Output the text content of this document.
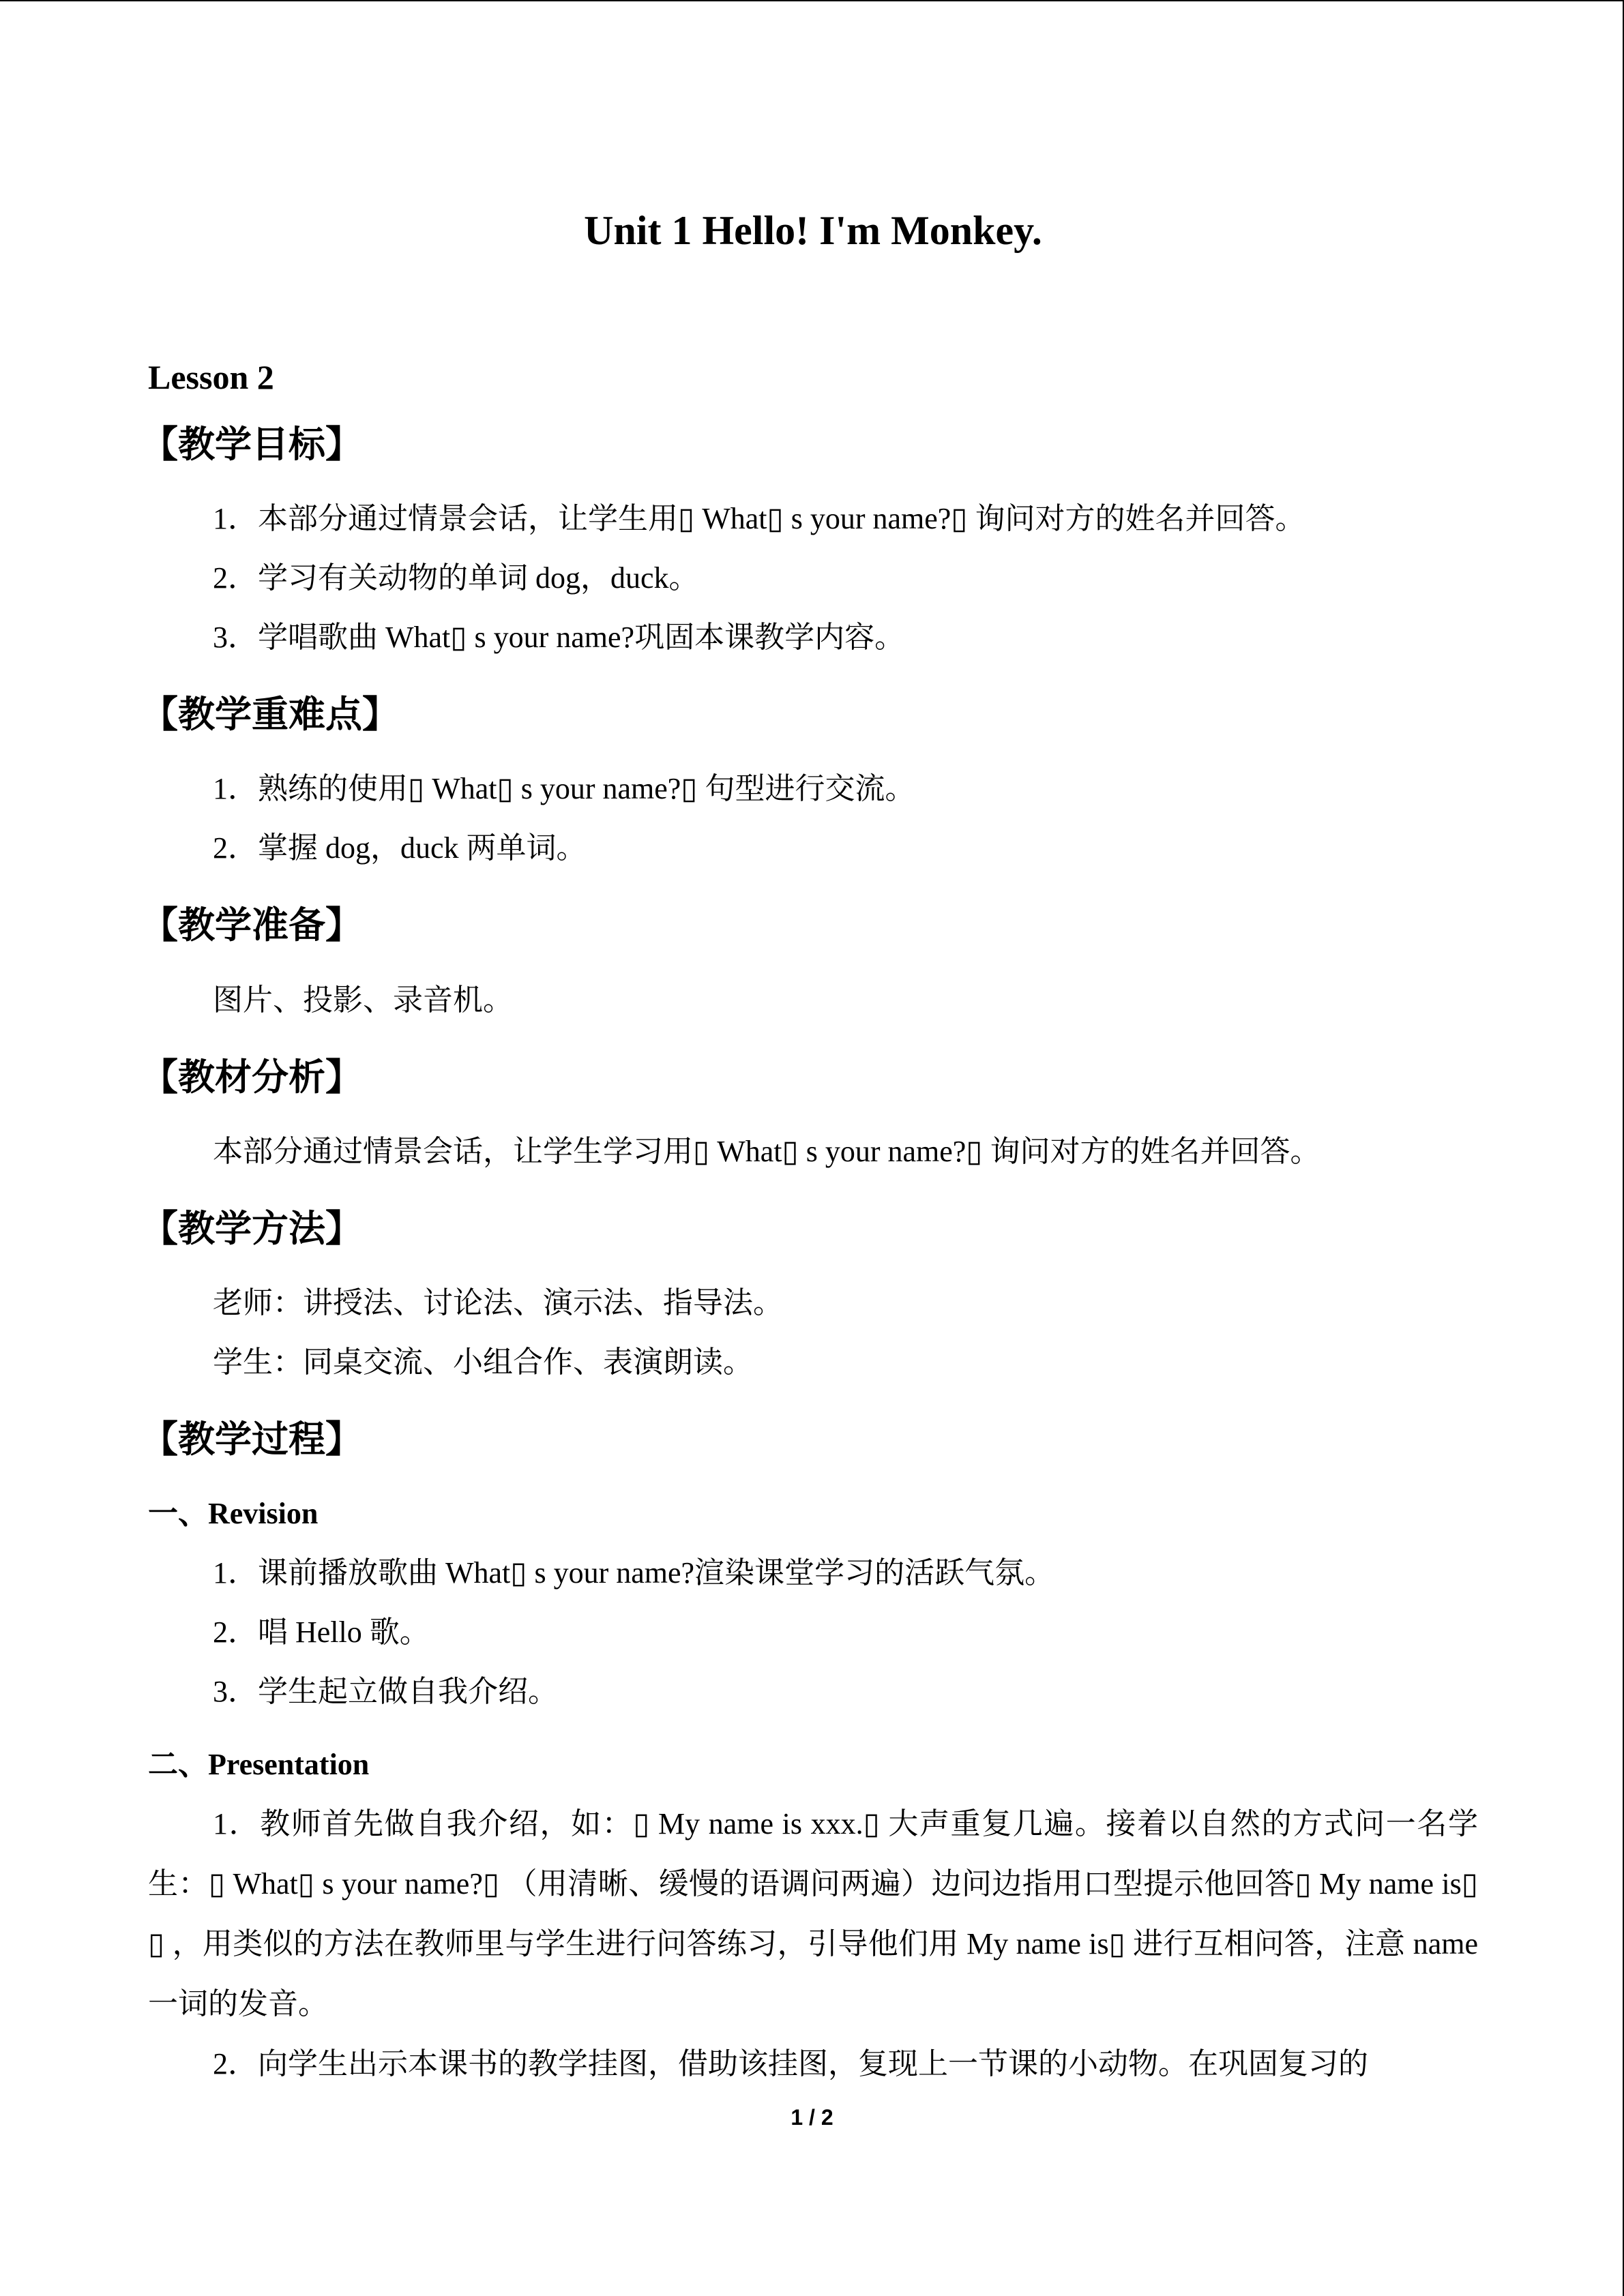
Unit 1 Hello! I'm Monkey.
Lesson 2
【教学目标】
1．本部分通过情景会话，让学生用▯ What▯ s your name?▯ 询问对方的姓名并回答。
2．学习有关动物的单词 dog，duck。
3．学唱歌曲 What▯ s your name?巩固本课教学内容。
【教学重难点】
1．熟练的使用▯ What▯ s your name?▯ 句型进行交流。
2．掌握 dog，duck 两单词。
【教学准备】
图片、投影、录音机。
【教材分析】
本部分通过情景会话，让学生学习用▯ What▯ s your name?▯ 询问对方的姓名并回答。
【教学方法】
老师：讲授法、讨论法、演示法、指导法。
学生：同桌交流、小组合作、表演朗读。
【教学过程】
一、Revision
1．课前播放歌曲 What▯ s your name?渲染课堂学习的活跃气氛。
2．唱 Hello 歌。
3．学生起立做自我介绍。
二、Presentation
1．教师首先做自我介绍，如：▯ My name is xxx.▯ 大声重复几遍。接着以自然的方式问一名学生：▯ What▯ s your name?▯ （用清晰、缓慢的语调问两遍）边问边指用口型提示他回答▯ My name is▯ ▯ ，用类似的方法在教师里与学生进行问答练习，引导他们用 My name is▯ 进行互相问答，注意 name 一词的发音。
2．向学生出示本课书的教学挂图，借助该挂图，复现上一节课的小动物。在巩固复习的
1 / 2
